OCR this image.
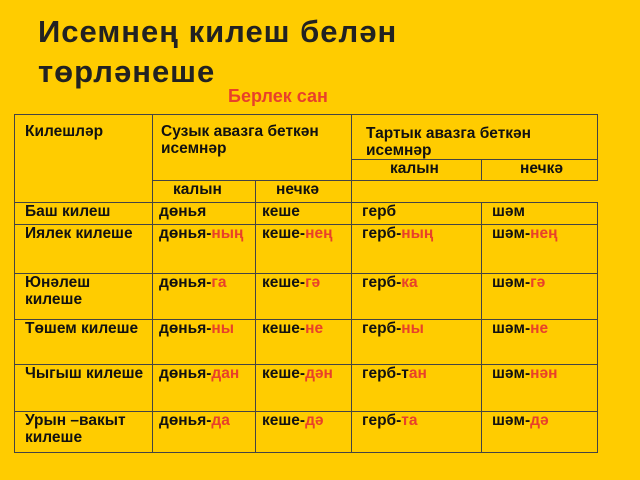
Исемнең килеш белән
төрләнеше
Берлек сан
Килешләр	Сузык авазга беткән исемнәр		Тартык авазга беткән исемнәр	

			калын	нечкә

	калын	нечкә		

Баш килеш	дөнья	кеше	герб	шәм
Иялек килеше	дөнья-ның	кеше-нең	герб-ның	шәм-нең
Юнәлеш килеше	дөнья-га	кеше-гә	герб-ка	шәм-гә
Төшем килеше	дөнья-ны	кеше-не	герб-ны	шәм-не
Чыгыш килеше	дөнья-дан	кеше-дән	герб-тан	шәм-нән
Урын –вакыт килеше	дөнья-да	кеше-дә	герб-та	шәм-дә
